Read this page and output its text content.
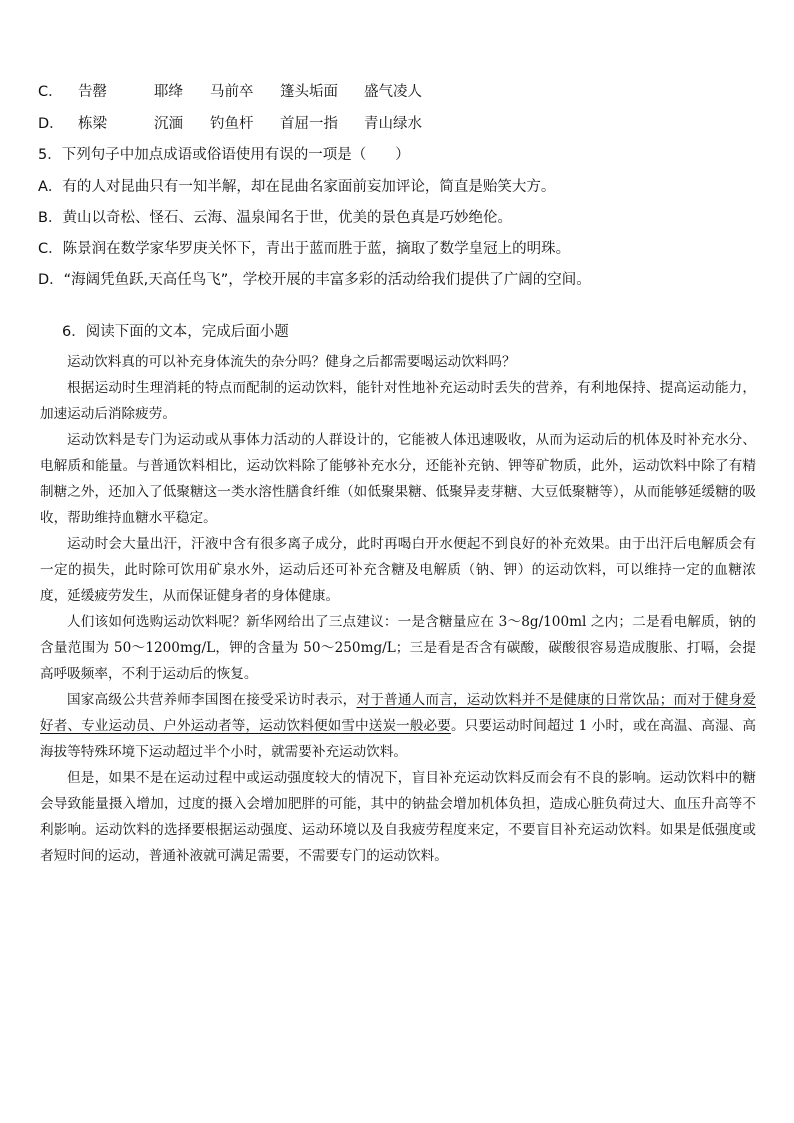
C． 告罄	耶绛 马前卒 篷头垢面 盛气凌人
D． 栋梁	沉湎 钓鱼杆 首屈一指 青山绿水
5．下列句子中加点成语或俗语使用有误的一项是（　　）
A．有的人对昆曲只有一知半解，却在昆曲名家面前妄加评论，简直是贻笑大方。
B．黄山以奇松、怪石、云海、温泉闻名于世，优美的景色真是巧妙绝伦。
C．陈景润在数学家华罗庚关怀下，青出于蓝而胜于蓝，摘取了数学皇冠上的明珠。
D．“海阔凭鱼跃,天高任鸟飞”，学校开展的丰富多彩的活动给我们提供了广阔的空间。
6．阅读下面的文本，完成后面小题

运动饮料真的可以补充身体流失的杂分吗？健身之后都需要喝运动饮料吗？

根据运动时生理消耗的特点而配制的运动饮料，能针对性地补充运动时丢失的营养，有利地保持、提高运动能力，加速运动后消除疲劳。

运动饮料是专门为运动或从事体力活动的人群设计的，它能被人体迅速吸收，从而为运动后的机体及时补充水分、电解质和能量。与普通饮料相比，运动饮料除了能够补充水分，还能补充钠、钾等矿物质，此外，运动饮料中除了有精制糖之外，还加入了低聚糖这一类水溶性膳食纤维（如低聚果糖、低聚异麦芽糖、大豆低聚糖等），从而能够延缓糖的吸收，帮助维持血糖水平稳定。

运动时会大量出汗，汗液中含有很多离子成分，此时再喝白开水便起不到良好的补充效果。由于出汗后电解质会有一定的损失，此时除可饮用矿泉水外，运动后还可补充含糖及电解质（钠、钾）的运动饮料，可以维持一定的血糖浓度，延缓疲劳发生，从而保证健身者的身体健康。

人们该如何选购运动饮料呢？新华网给出了三点建议：一是含糖量应在 3～8g/100ml 之内；二是看电解质，钠的含量范围为 50～1200mg/L，钾的含量为 50～250mg/L；三是看是否含有碳酸，碳酸很容易造成腹胀、打嗝，会提高呼吸频率，不利于运动后的恢复。

国家高级公共营养师李国图在接受采访时表示，对于普通人而言，运动饮料并不是健康的日常饮品；而对于健身爱好者、专业运动员、户外运动者等，运动饮料便如雪中送炭一般必要。只要运动时间超过 1 小时，或在高温、高湿、高海拔等特殊环境下运动超过半个小时，就需要补充运动饮料。

但是，如果不是在运动过程中或运动强度较大的情况下，盲目补充运动饮料反而会有不良的影响。运动饮料中的糖会导致能量摄入增加，过度的摄入会增加肥胖的可能，其中的钠盐会增加机体负担，造成心脏负荷过大、血压升高等不利影响。运动饮料的选择要根据运动强度、运动环境以及自我疲劳程度来定，不要盲目补充运动饮料。如果是低强度或者短时间的运动，普通补液就可满足需要，不需要专门的运动饮料。
